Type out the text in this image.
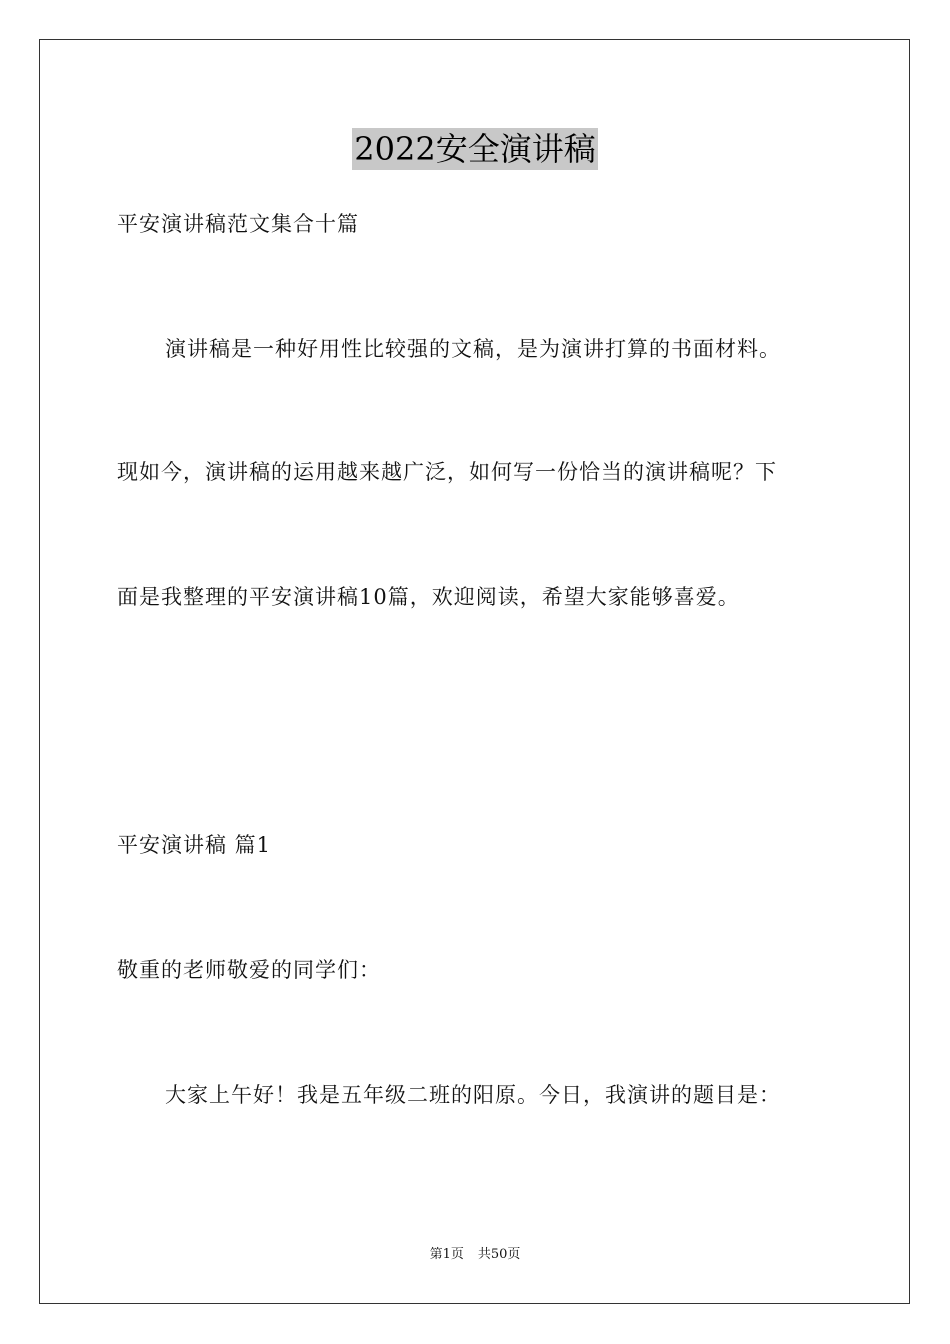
2022安全演讲稿
平安演讲稿范文集合十篇
演讲稿是一种好用性比较强的文稿，是为演讲打算的书面材料。
现如今，演讲稿的运用越来越广泛，如何写一份恰当的演讲稿呢？下
面是我整理的平安演讲稿10篇，欢迎阅读，希望大家能够喜爱。
平安演讲稿 篇1
敬重的老师敬爱的同学们：
大家上午好！我是五年级二班的阳原。今日，我演讲的题目是：
第1页 共50页
